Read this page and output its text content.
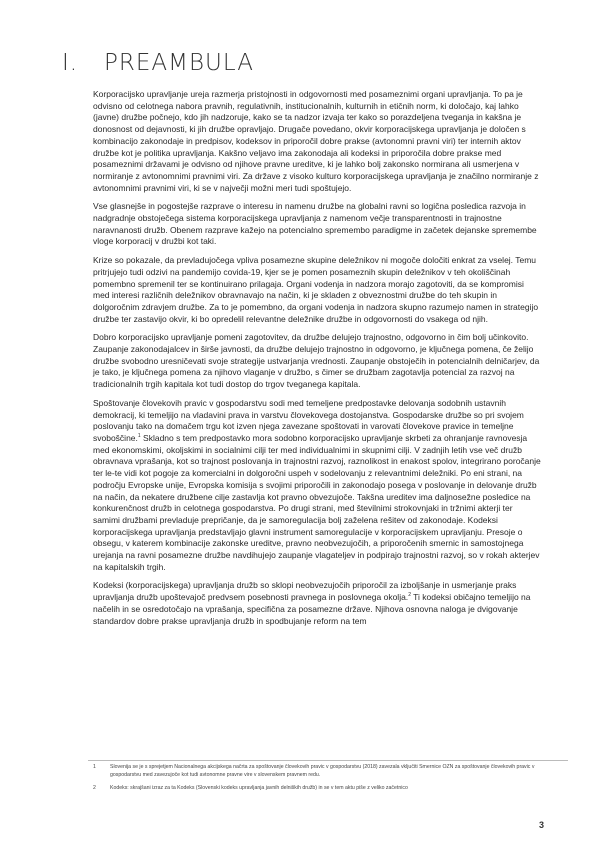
I. PREAMBULA

Korporacijsko upravljanje ureja razmerja pristojnosti in odgovornosti med posameznimi organi upravljanja. To pa je odvisno od celotnega nabora pravnih, regulativnih, institucionalnih, kulturnih in etičnih norm, ki določajo, kaj lahko (javne) družbe počnejo, kdo jih nadzoruje, kako se ta nadzor izvaja ter kako so porazdeljena tveganja in kakšna je donosnost od dejavnosti, ki jih družbe opravljajo. Drugače povedano, okvir korporacijskega upravljanja je določen s kombinacijo zakonodaje in predpisov, kodeksov in priporočil dobre prakse (avtonomni pravni viri) ter internih aktov družbe kot je politika upravljanja. Kakšno veljavo ima zakonodaja ali kodeksi in priporočila dobre prakse med posameznimi državami je odvisno od njihove pravne ureditve, ki je lahko bolj zakonsko normirana ali usmerjena v normiranje z avtonomnimi pravnimi viri. Za države z visoko kulturo korporacijskega upravljanja je značilno normiranje z avtonomnimi pravnimi viri, ki se v največji možni meri tudi spoštujejo.

Vse glasnejše in pogostejše razprave o interesu in namenu družbe na globalni ravni so logična posledica razvoja in nadgradnje obstoječega sistema korporacijskega upravljanja z namenom večje transparentnosti in trajnostne naravnanosti družb. Obenem razprave kažejo na potencialno spremembo paradigme in začetek dejanske spremembe vloge korporacij v družbi kot taki.

Krize so pokazale, da prevladujočega vpliva posamezne skupine deležnikov ni mogoče določiti enkrat za vselej. Temu pritrjujejo tudi odzivi na pandemijo covida-19, kjer se je pomen posameznih skupin deležnikov v teh okoliščinah pomembno spremenil ter se kontinuirano prilagaja. Organi vodenja in nadzora morajo zagotoviti, da se kompromisi med interesi različnih deležnikov obravnavajo na način, ki je skladen z obveznostmi družbe do teh skupin in dolgoročnim zdravjem družbe. Za to je pomembno, da organi vodenja in nadzora skupno razumejo namen in strategijo družbe ter zastavijo okvir, ki bo opredelil relevantne deležnike družbe in odgovornosti do vsakega od njih.

Dobro korporacijsko upravljanje pomeni zagotovitev, da družbe delujejo trajnostno, odgovorno in čim bolj učinkovito. Zaupanje zakonodajalcev in širše javnosti, da družbe delujejo trajnostno in odgovorno, je ključnega pomena, če želijo družbe svobodno uresničevati svoje strategije ustvarjanja vrednosti. Zaupanje obstoječih in potencialnih delničarjev, da je tako, je ključnega pomena za njihovo vlaganje v družbo, s čimer se družbam zagotavlja potencial za razvoj na tradicionalnih trgih kapitala kot tudi dostop do trgov tveganega kapitala.

Spoštovanje človekovih pravic v gospodarstvu sodi med temeljene predpostavke delovanja sodobnih ustavnih demokracij, ki temeljijo na vladavini prava in varstvu človekovega dostojanstva. Gospodarske družbe so pri svojem poslovanju tako na domačem trgu kot izven njega zavezane spoštovati in varovati človekove pravice in temeljne svoboščine.$^1$ Skladno s tem predpostavko mora sodobno korporacijsko upravljanje skrbeti za ohranjanje ravnovesja med ekonomskimi, okoljskimi in socialnimi cilji ter med individualnimi in skupnimi cilji. V zadnjih letih vse več družb obravnava vprašanja, kot so trajnost poslovanja in trajnostni razvoj, raznolikost in enakost spolov, integrirano poročanje ter le-te vidi kot pogoje za komercialni in dolgoročni uspeh v sodelovanju z relevantnimi deležniki. Po eni strani, na področju Evropske unije, Evropska komisija s svojimi priporočili in zakonodajo posega v poslovanje in delovanje družb na način, da nekatere družbene cilje zastavlja kot pravno obvezujoče. Takšna ureditev ima daljnosežne posledice na konkurenčnost družb in celotnega gospodarstva. Po drugi strani, med številnimi strokovnjaki in tržnimi akterji ter samimi družbami prevladuje prepričanje, da je samoregulacija bolj zaželena rešitev od zakonodaje. Kodeksi korporacijskega upravljanja predstavljajo glavni instrument samoregulacije v korporacijskem upravljanju. Presoje o obsegu, v katerem kombinacije zakonske ureditve, pravno neobvezujočih, a priporočenih smernic in samostojnega urejanja na ravni posamezne družbe navdihujejo zaupanje vlagateljev in podpirajo trajnostni razvoj, so v rokah akterjev na kapitalskih trgih.

Kodeksi (korporacijskega) upravljanja družb so sklopi neobvezujočih priporočil za izboljšanje in usmerjanje praks upravljanja družb upoštevajoč predvsem posebnosti pravnega in poslovnega okolja.$^2$ Ti kodeksi običajno temeljijo na načelih in se osredotočajo na vprašanja, specifična za posamezne države. Njihova osnovna naloga je dvigovanje standardov dobre prakse upravljanja družb in spodbujanje reform na tem

1	Slovenija se je s sprejetjem Nacionalnega akcijskega načrta za spoštovanje človekovih pravic v gospodarstvu (2018) zavezala vključiti Smernice OZN za spoštovanje človekovih pravic v gospodarstvu med zavezujoče kot tudi avtonomne pravne vire v slovenskem pravnem redu.
2	Kodeks: skrajšani izraz za ta Kodeks (Slovenski kodeks upravljanja javnih delniških družb) in se v tem aktu piše z veliko začetnico
3
